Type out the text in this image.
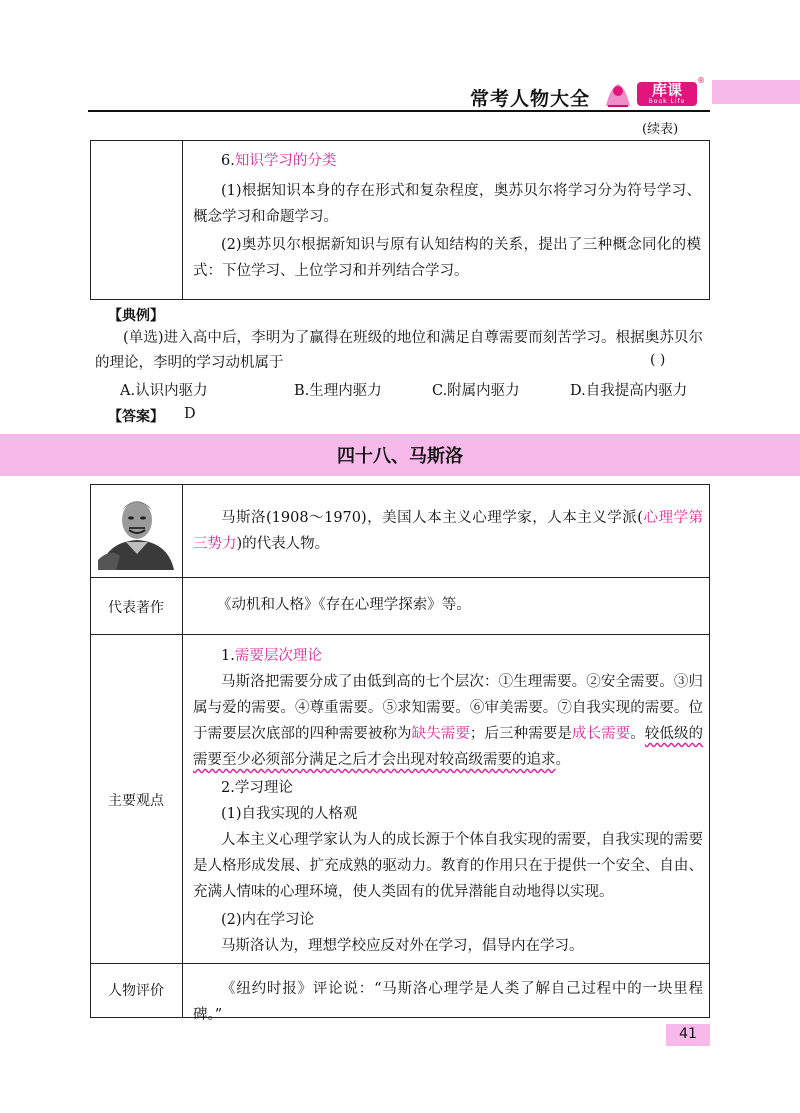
常考人物大全	库课
Book Life
®
(续表)
6.知识学习的分类
(1)根据知识本身的存在形式和复杂程度，奥苏贝尔将学习分为符号学习、概念学习和命题学习。
(2)奥苏贝尔根据新知识与原有认知结构的关系，提出了三种概念同化的模式：下位学习、上位学习和并列结合学习。
【典例】
(单选)进入高中后，李明为了赢得在班级的地位和满足自尊需要而刻苦学习。根据奥苏贝尔的理论，李明的学习动机属于	( )
A.认识内驱力	B.生理内驱力	C.附属内驱力	D.自我提高内驱力
【答案】 D
四十八、马斯洛
马斯洛(1908～1970)，美国人本主义心理学家，人本主义学派(心理学第三势力)的代表人物。
代表著作	《动机和人格》《存在心理学探索》等。
主要观点
1.需要层次理论
马斯洛把需要分成了由低到高的七个层次：①生理需要。②安全需要。③归属与爱的需要。④尊重需要。⑤求知需要。⑥审美需要。⑦自我实现的需要。位于需要层次底部的四种需要被称为缺失需要；后三种需要是成长需要。较低级的需要至少必须部分满足之后才会出现对较高级需要的追求。
2.学习理论
(1)自我实现的人格观
人本主义心理学家认为人的成长源于个体自我实现的需要，自我实现的需要是人格形成发展、扩充成熟的驱动力。教育的作用只在于提供一个安全、自由、充满人情味的心理环境，使人类固有的优异潜能自动地得以实现。
(2)内在学习论
马斯洛认为，理想学校应反对外在学习，倡导内在学习。
人物评价	《纽约时报》评论说：“马斯洛心理学是人类了解自己过程中的一块里程碑。”
41
